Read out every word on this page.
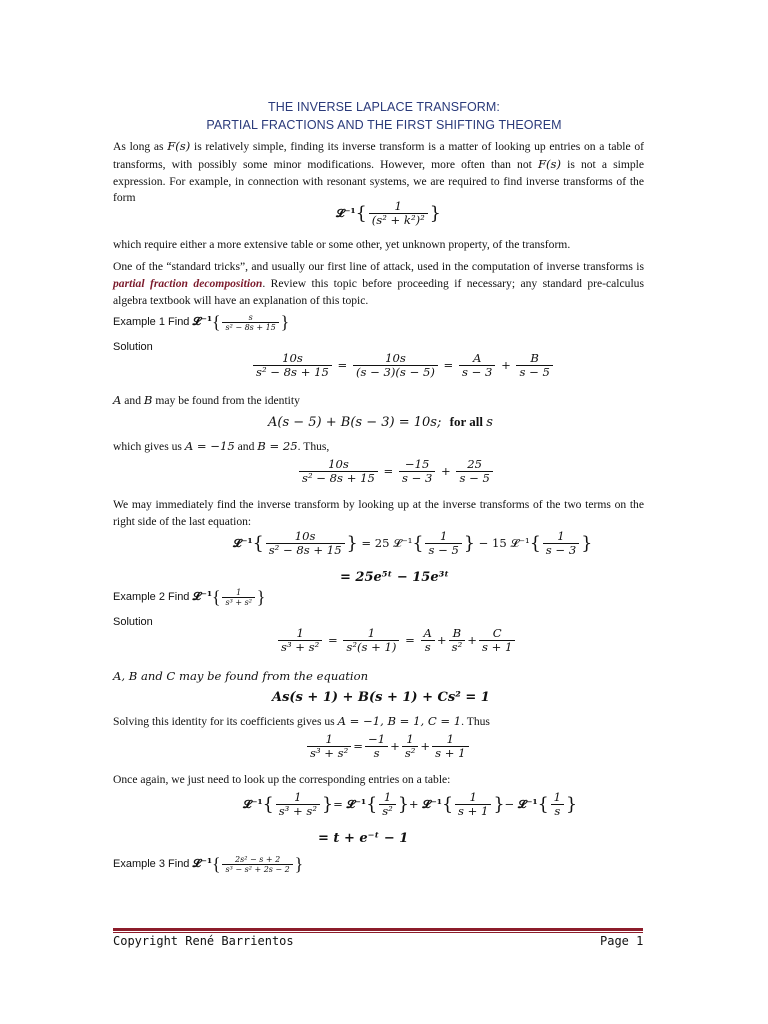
THE INVERSE LAPLACE TRANSFORM:
PARTIAL FRACTIONS AND THE FIRST SHIFTING THEOREM
As long as F(s) is relatively simple, finding its inverse transform is a matter of looking up entries on a table of transforms, with possibly some minor modifications. However, more often than not F(s) is not a simple expression. For example, in connection with resonant systems, we are required to find inverse transforms of the form
𝓛⁻¹{ $\frac{1}{\text{(s² + k²)²}}$ }
which require either a more extensive table or some other, yet unknown property, of the transform.
One of the “standard tricks”, and usually our first line of attack, used in the computation of inverse transforms is partial fraction decomposition. Review this topic before proceeding if necessary; any standard pre-calculus algebra textbook will have an explanation of this topic.
Example 1 Find 𝓛⁻¹{ $\frac{s}{\text{s² − 8s + 15}}$ }
Solution
$\frac{10s}{\text{s² − 8s + 15}} = \frac{10s}{(s - 3)(s - 5)} = \frac{A}{s - 3} + \frac{B}{s - 5}$
A and B may be found from the identity
A(s − 5) + B(s − 3) = 10s; for all s
which gives us A = −15 and B = 25. Thus,
$\frac{10s}{\text{s² − 8s + 15}} = \frac{-15}{s - 3} + \frac{25}{s - 5}$
We may immediately find the inverse transform by looking up at the inverse transforms of the two terms on the right side of the last equation:
𝓛⁻¹{ $\frac{10s}{\text{s² − 8s + 15}}$ } = 25 𝓛⁻¹{ $\frac{1}{s - 5}$ } − 15 𝓛⁻¹{ $\frac{1}{s - 3}$ }
= 25e⁵ᵗ − 15e³ᵗ
Example 2 Find 𝓛⁻¹{ $\frac{1}{\text{s³ + s²}}$ }
Solution
$\frac{1}{\text{s³ + s²}} = \frac{1}{\text{s²(s + 1)}} = \frac{A}{s} + \frac{B}{\text{s²}} + \frac{C}{s + 1}$
A, B and C may be found from the equation
As(s + 1) + B(s + 1) + Cs² = 1
Solving this identity for its coefficients gives us A = −1, B = 1, C = 1. Thus
$\frac{1}{\text{s³ + s²}} = \frac{-1}{s} + \frac{1}{\text{s²}} + \frac{1}{s + 1}$
Once again, we just need to look up the corresponding entries on a table:
𝓛⁻¹{ $\frac{1}{\text{s³ + s²}}$ }= 𝓛⁻¹{ $\frac{1}{\text{s²}}$ }+ 𝓛⁻¹{ $\frac{1}{s + 1}$ }− 𝓛⁻¹{ $\frac{1}{s}$ }
= t + e⁻ᵗ − 1
Example 3 Find 𝓛⁻¹{ $\frac{\text{2s² − s + 2}}{\text{s³ − s² + 2s − 2}}$ }
Copyright René Barrientos	Page 1
